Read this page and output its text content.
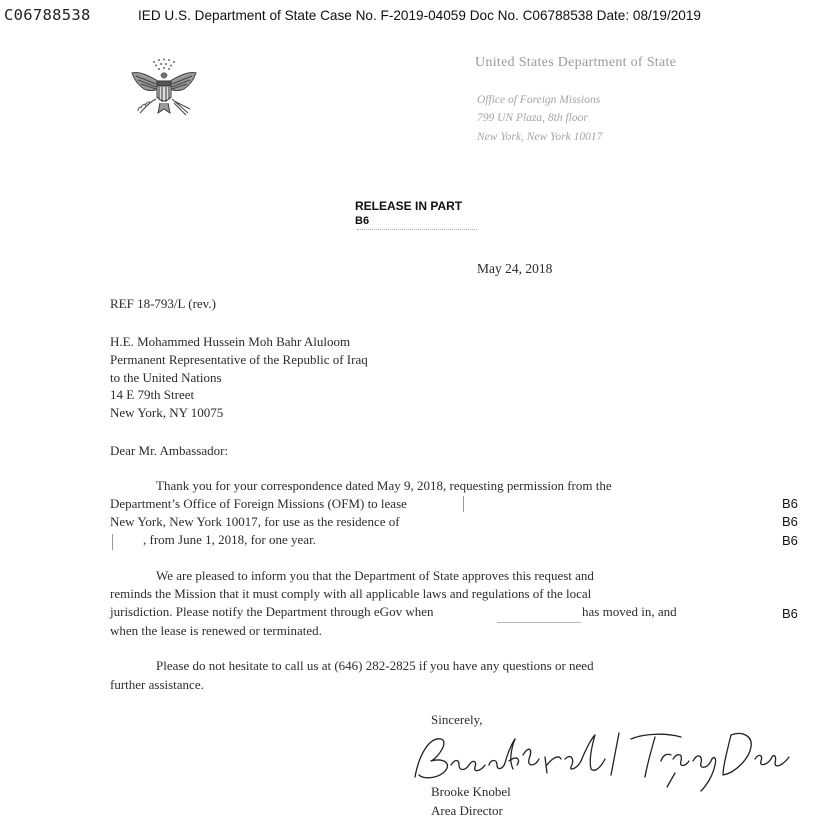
C06788538	IED U.S. Department of State Case No. F-2019-04059 Doc No. C06788538 Date: 08/19/2019
United States Department of State
Office of Foreign Missions
799 UN Plaza, 8th floor
New York, New York 10017
RELEASE IN PART
B6
May 24, 2018
REF 18-793/L (rev.)
H.E. Mohammed Hussein Moh Bahr Aluloom
Permanent Representative of the Republic of Iraq
to the United Nations
14 E 79th Street
New York, NY 10075
Dear Mr. Ambassador:
Thank you for your correspondence dated May 9, 2018, requesting permission from the
Department’s Office of Foreign Missions (OFM) to lease
New York, New York 10017, for use as the residence of
, from June 1, 2018, for one year.
B6
B6
B6
We are pleased to inform you that the Department of State approves this request and
reminds the Mission that it must comply with all applicable laws and regulations of the local
jurisdiction. Please notify the Department through eGov when	has moved in, and
when the lease is renewed or terminated.
B6
Please do not hesitate to call us at (646) 282-2825 if you have any questions or need
further assistance.
Sincerely,
Brooke Knobel
Area Director
